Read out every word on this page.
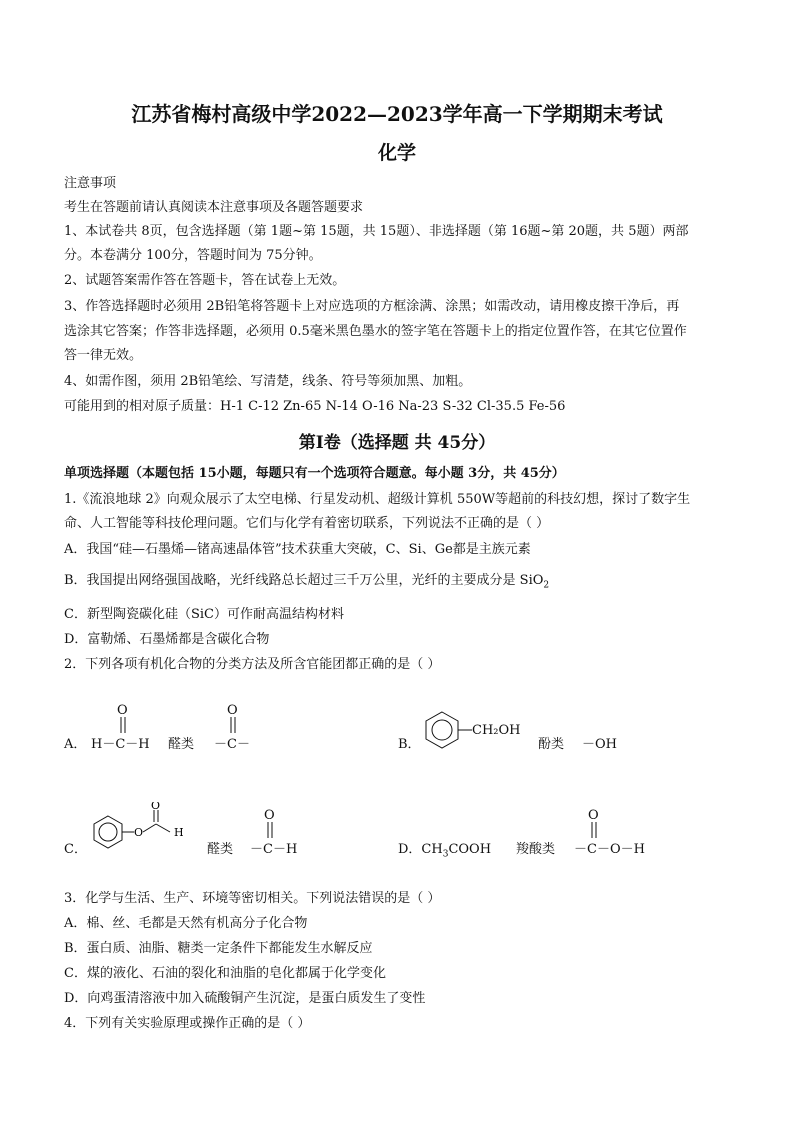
江苏省梅村高级中学2022—2023学年高一下学期期末考试
化学
注意事项
考生在答题前请认真阅读本注意事项及各题答题要求
1、本试卷共 8页，包含选择题（第 1题~第 15题，共 15题）、非选择题（第 16题~第 20题，共 5题）两部
分。本卷满分 100分，答题时间为 75分钟。
2、试题答案需作答在答题卡，答在试卷上无效。
3、作答选择题时必须用 2B铅笔将答题卡上对应选项的方框涂满、涂黑；如需改动，请用橡皮擦干净后，再
选涂其它答案；作答非选择题，必须用 0.5毫米黑色墨水的签字笔在答题卡上的指定位置作答，在其它位置作
答一律无效。
4、如需作图，须用 2B铅笔绘、写清楚，线条、符号等须加黑、加粗。
可能用到的相对原子质量：H-1 C-12 Zn-65 N-14 O-16 Na-23 S-32 Cl-35.5 Fe-56
第Ⅰ卷（选择题 共 45分）
单项选择题（本题包括 15小题，每题只有一个选项符合题意。每小题 3分，共 45分）
1.《流浪地球 2》向观众展示了太空电梯、行星发动机、超级计算机 550W等超前的科技幻想，探讨了数字生
命、人工智能等科技伦理问题。它们与化学有着密切联系，下列说法不正确的是（ ）
A．我国“硅—石墨烯—锗高速晶体管”技术获重大突破，C、Si、Ge都是主族元素
B．我国提出网络强国战略，光纤线路总长超过三千万公里，光纤的主要成分是 SiO$_2$
C．新型陶瓷碳化硅（SiC）可作耐高温结构材料
D．富勒烯、石墨烯都是含碳化合物
2．下列各项有机化合物的分类方法及所含官能团都正确的是（ ）
A． H－C－H
O
醛类 －C－
O
B．
CH₂OH
酚类 －OH
C．
O
O
H
醛类 －C－H
O
D．$CH_3COOH$ 羧酸类 －C－O－H
O
3．化学与生活、生产、环境等密切相关。下列说法错误的是（ ）
A．棉、丝、毛都是天然有机高分子化合物
B．蛋白质、油脂、糖类一定条件下都能发生水解反应
C．煤的液化、石油的裂化和油脂的皂化都属于化学变化
D．向鸡蛋清溶液中加入硫酸铜产生沉淀，是蛋白质发生了变性
4．下列有关实验原理或操作正确的是（ ）
